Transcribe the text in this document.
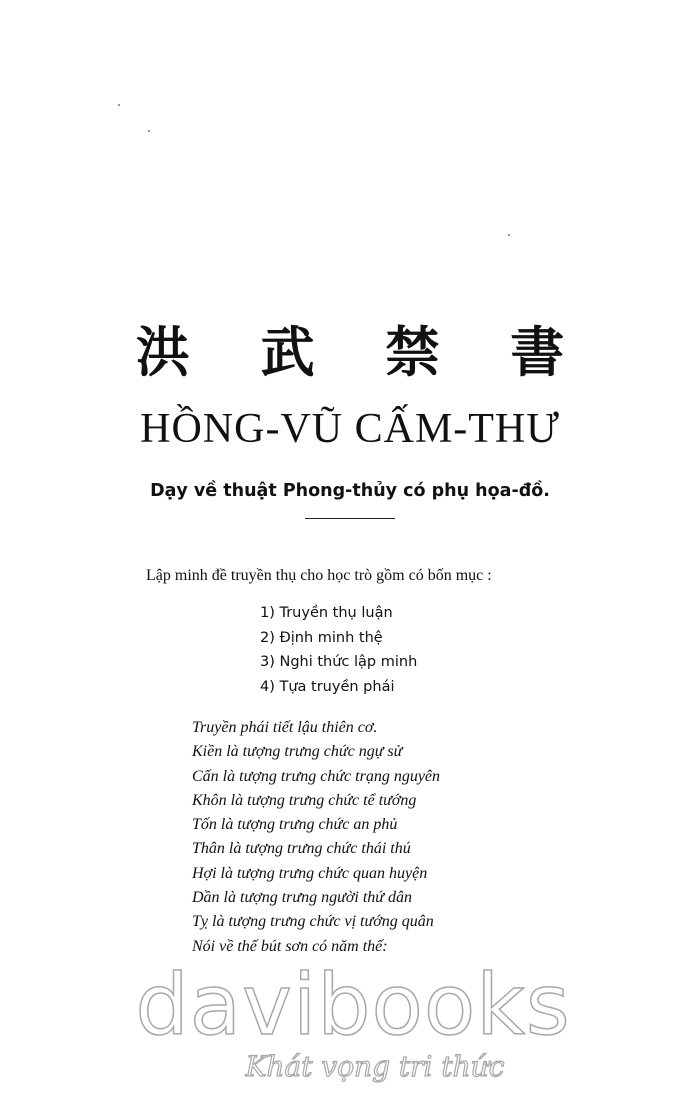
洪 武 禁 書
HỒNG-VŨ CẤM-THƯ
Dạy về thuật Phong-thủy có phụ họa-đồ.
Lập minh đề truyền thụ cho học trò gồm có bốn mục :
1) Truyền thụ luận
2) Định minh thệ
3) Nghi thức lập minh
4) Tựa truyền phái
Truyền phái tiết lậu thiên cơ.
Kiền là tượng trưng chức ngự sử
Cấn là tượng trưng chức trạng nguyên
Khôn là tượng trưng chức tể tướng
Tốn là tượng trưng chức an phủ
Thân là tượng trưng chức thái thú
Hợi là tượng trưng chức quan huyện
Dần là tượng trưng người thứ dân
Tỵ là tượng trưng chức vị tướng quân
Nói về thế bút sơn có năm thế:
davibooks
Khát vọng tri thức
